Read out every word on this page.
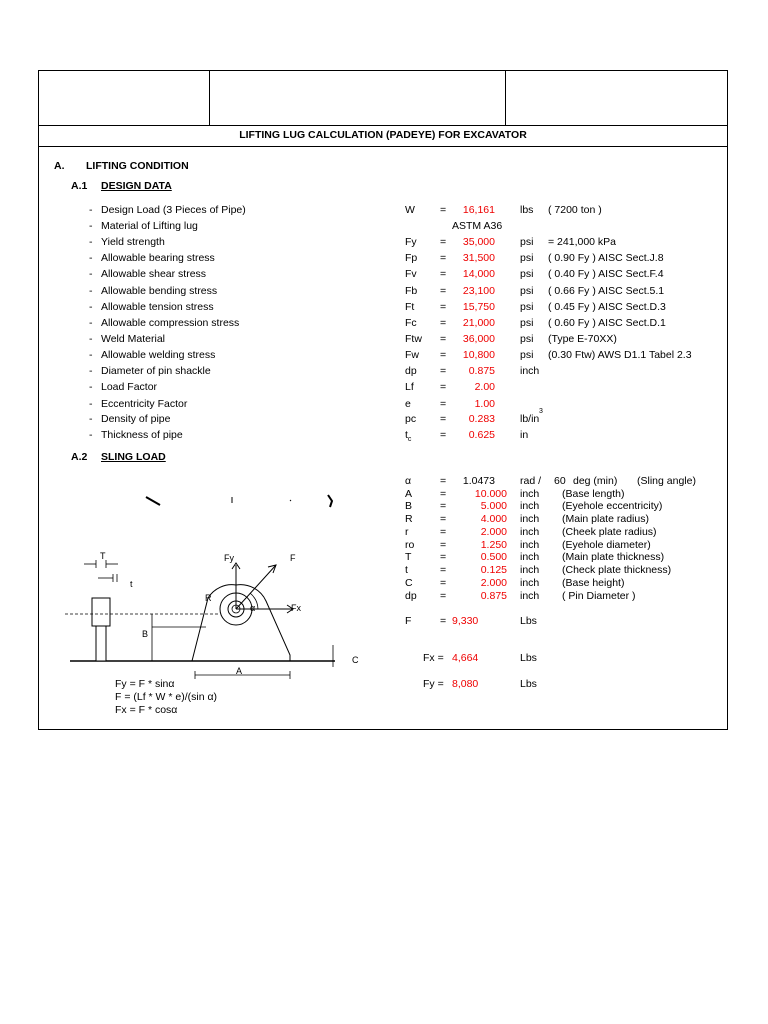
LIFTING LUG CALCULATION (PADEYE) FOR EXCAVATOR
A. LIFTING CONDITION
A.1 DESIGN DATA
- Design Load (3 Pieces of Pipe)	W =	16,161 lbs ( 7200 ton )
- Material of Lifting lug	ASTM A36
- Yield strength	Fy =	35,000 psi = 241,000 kPa
- Allowable bearing stress	Fp =	31,500 psi ( 0.90 Fy ) AISC Sect.J.8
- Allowable shear stress	Fv =	14,000 psi ( 0.40 Fy ) AISC Sect.F.4
- Allowable bending stress	Fb =	23,100 psi ( 0.66 Fy ) AISC Sect.5.1
- Allowable tension stress	Ft =	15,750 psi ( 0.45 Fy ) AISC Sect.D.3
- Allowable compression stress	Fc =	21,000 psi ( 0.60 Fy ) AISC Sect.D.1
- Weld Material	Ftw =	36,000 psi (Type E-70XX)
- Allowable welding stress	Fw =	10,800 psi (0.30 Ftw) AWS D1.1 Tabel 2.3
- Diameter of pin shackle	dp =	0.875 inch
- Load Factor	Lf =	2.00
- Eccentricity Factor	e	=	1.00
- Density of pipe	pc =	0.283 lb/in
3
- Thickness of pipe	$t_c$	=	0.625 in
A.2 SLING LOAD
α	=	1.0473 rad / 60 deg (min) (Sling angle)
A	=	10.000 inch (Base length)
B	=	5.000 inch (Eyehole eccentricity)
R	=	4.000 inch (Main plate radius)
r	=	2.000 inch (Cheek plate radius)
ro =	1.250 inch (Eyehole diameter)
T	=	0.500 inch (Main plate thickness)
t	=	0.125 inch (Check plate thickness)
C	=	2.000 inch (Base height)
dp =	0.875 inch ( Pin Diameter )
F	= 9,330	Lbs
Fx = 4,664	Lbs
Fy = 8,080	Lbs
Fy = F * sinα
F = (Lf * W * e)/(sin α)
Fx = F * cosα
T
t
B
R
Fy	F
Fx
α
A
C
